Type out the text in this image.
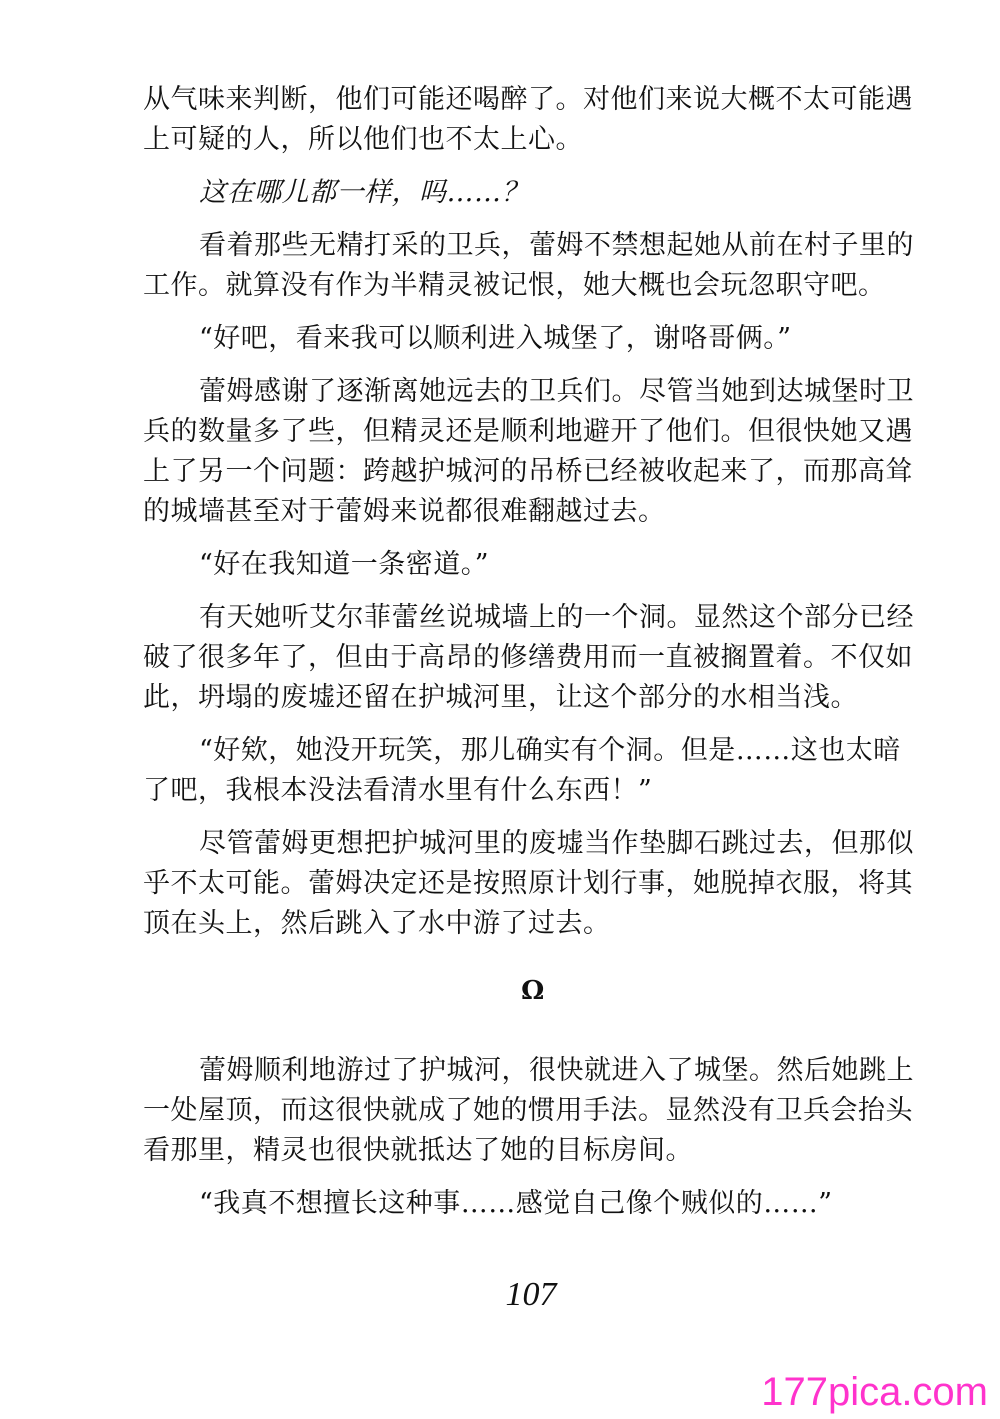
从气味来判断，他们可能还喝醉了。对他们来说大概不太可能遇上可疑的人，所以他们也不太上心。

这在哪儿都一样，吗……？

看着那些无精打采的卫兵，蕾姆不禁想起她从前在村子里的工作。就算没有作为半精灵被记恨，她大概也会玩忽职守吧。

“好吧，看来我可以顺利进入城堡了，谢咯哥俩。”

蕾姆感谢了逐渐离她远去的卫兵们。尽管当她到达城堡时卫兵的数量多了些，但精灵还是顺利地避开了他们。但很快她又遇上了另一个问题：跨越护城河的吊桥已经被收起来了，而那高耸的城墙甚至对于蕾姆来说都很难翻越过去。

“好在我知道一条密道。”

有天她听艾尔菲蕾丝说城墙上的一个洞。显然这个部分已经破了很多年了，但由于高昂的修缮费用而一直被搁置着。不仅如此，坍塌的废墟还留在护城河里，让这个部分的水相当浅。

“好欸，她没开玩笑，那儿确实有个洞。但是……这也太暗了吧，我根本没法看清水里有什么东西！”

尽管蕾姆更想把护城河里的废墟当作垫脚石跳过去，但那似乎不太可能。蕾姆决定还是按照原计划行事，她脱掉衣服，将其顶在头上，然后跳入了水中游了过去。

Ω

蕾姆顺利地游过了护城河，很快就进入了城堡。然后她跳上一处屋顶，而这很快就成了她的惯用手法。显然没有卫兵会抬头看那里，精灵也很快就抵达了她的目标房间。

“我真不想擅长这种事……感觉自己像个贼似的……”

107
177pica.com
